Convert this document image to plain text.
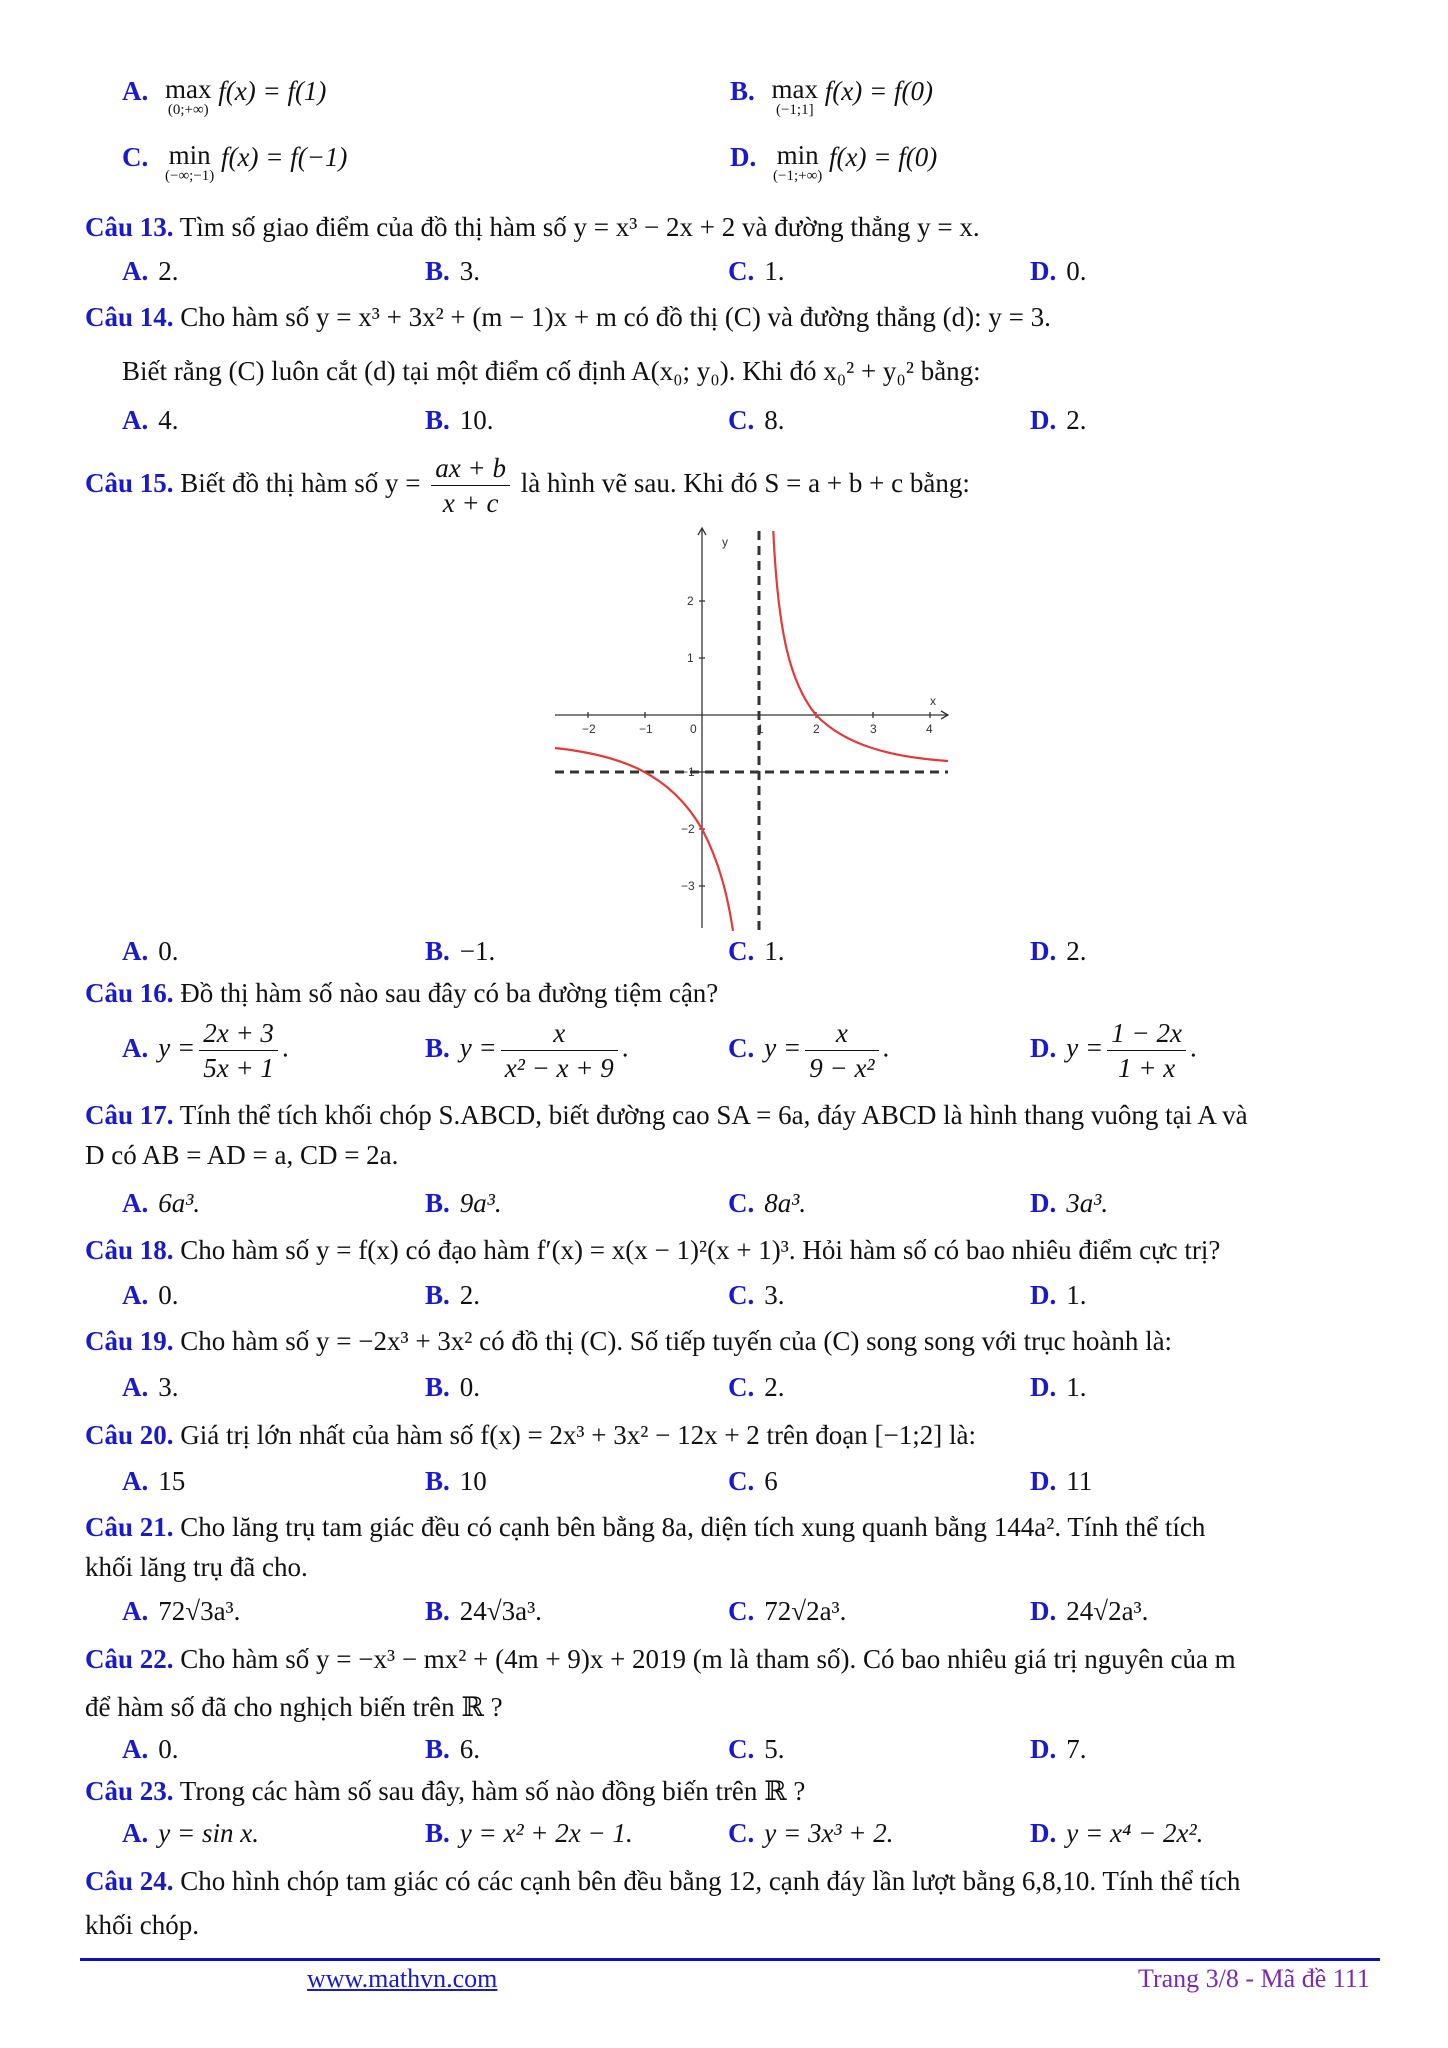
A. max
(0;+∞)
f(x) = f(1)	B. max
(−1;1]
f(x) = f(0)
C. min
(−∞;−1)
f(x) = f(−1)	D. min
(−1;+∞)
f(x) = f(0)
Câu 13. Tìm số giao điểm của đồ thị hàm số y = x³ − 2x + 2 và đường thẳng y = x.
A. 2.	B. 3.	C. 1.	D. 0.
Câu 14. Cho hàm số y = x³ + 3x² + (m − 1)x + m có đồ thị (C) và đường thẳng (d): y = 3.
Biết rằng (C) luôn cắt (d) tại một điểm cố định A(x₀; y₀). Khi đó x₀² + y₀² bằng:
A. 4.	B. 10.	C. 8.	D. 2.
Câu 15. Biết đồ thị hàm số $y = \frac{ax + b}{x + c}$ là hình vẽ sau. Khi đó S = a + b + c bằng:
−2	−1	0	1	2	3	4
2
1
−1
−2
−3
y
x
A. 0.	B. −1.	C. 1.	D. 2.
Câu 16. Đồ thị hàm số nào sau đây có ba đường tiệm cận?
A. $y = \frac{2x + 3}{5x + 1}$ .	B. $y = \frac{x}{\text{x² − x + 9}}$ .	C. $y = \frac{x}{\text{9 − x²}}$ .	D. $y = \frac{1 - 2x}{1 + x}$ .
Câu 17. Tính thể tích khối chóp S.ABCD, biết đường cao SA = 6a, đáy ABCD là hình thang vuông tại A và
D có AB = AD = a, CD = 2a.
A. 6a³.	B. 9a³.	C. 8a³.	D. 3a³.
Câu 18. Cho hàm số y = f(x) có đạo hàm f′(x) = x(x − 1)²(x + 1)³. Hỏi hàm số có bao nhiêu điểm cực trị?
A. 0.	B. 2.	C. 3.	D. 1.
Câu 19. Cho hàm số y = −2x³ + 3x² có đồ thị (C). Số tiếp tuyến của (C) song song với trục hoành là:
A. 3.	B. 0.	C. 2.	D. 1.
Câu 20. Giá trị lớn nhất của hàm số f(x) = 2x³ + 3x² − 12x + 2 trên đoạn [−1;2] là:
A. 15	B. 10	C. 6	D. 11
Câu 21. Cho lăng trụ tam giác đều có cạnh bên bằng 8a, diện tích xung quanh bằng 144a². Tính thể tích
khối lăng trụ đã cho.
A. 72√3a³.	B. 24√3a³.	C. 72√2a³.	D. 24√2a³.
Câu 22. Cho hàm số y = −x³ − mx² + (4m + 9)x + 2019 (m là tham số). Có bao nhiêu giá trị nguyên của m
để hàm số đã cho nghịch biến trên ℝ ?
A. 0.	B. 6.	C. 5.	D. 7.
Câu 23. Trong các hàm số sau đây, hàm số nào đồng biến trên ℝ ?
A. y = sin x.	B. y = x² + 2x − 1.	C. y = 3x³ + 2.	D. y = x⁴ − 2x².
Câu 24. Cho hình chóp tam giác có các cạnh bên đều bằng 12, cạnh đáy lần lượt bằng 6,8,10. Tính thể tích
khối chóp.
www.mathvn.com	Trang 3/8 - Mã đề 111
